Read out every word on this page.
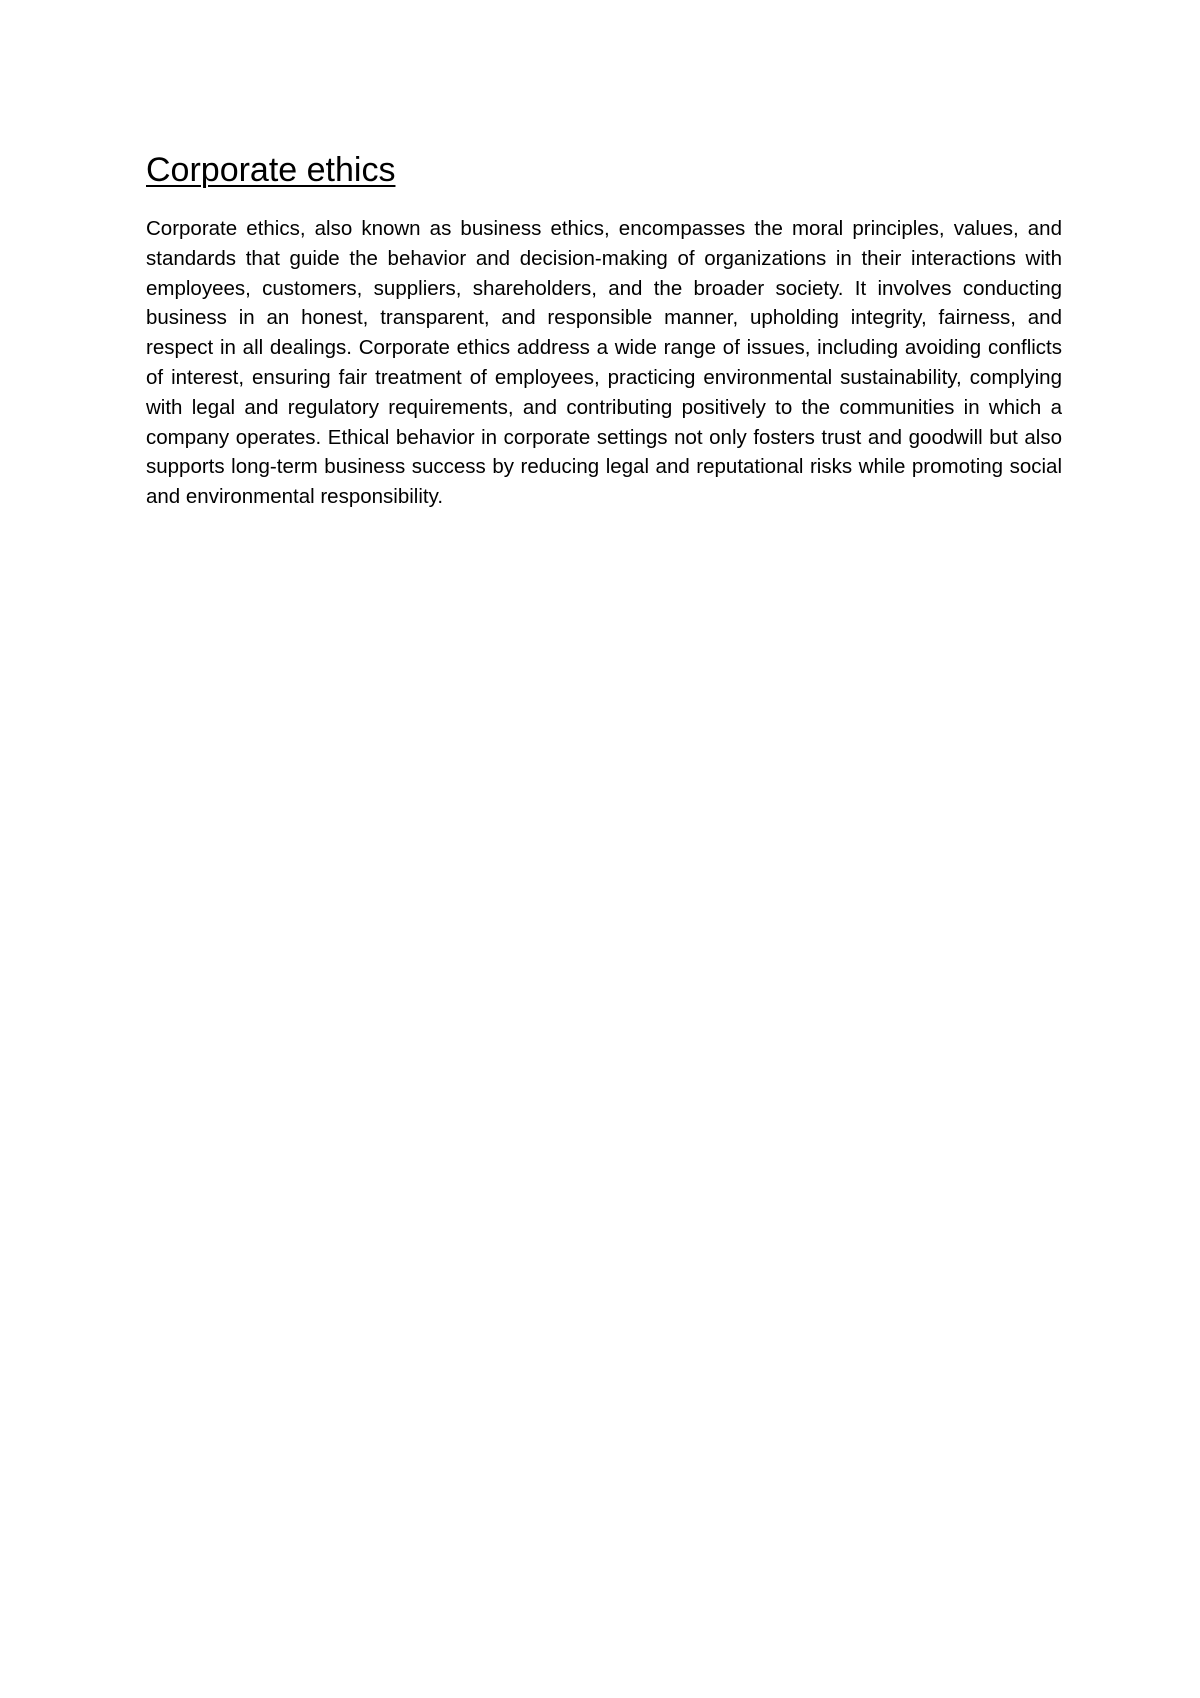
Corporate ethics

Corporate ethics, also known as business ethics, encompasses the moral principles, values, and standards that guide the behavior and decision-making of organizations in their interactions with employees, customers, suppliers, shareholders, and the broader society. It involves conducting business in an honest, transparent, and responsible manner, upholding integrity, fairness, and respect in all dealings. Corporate ethics address a wide range of issues, including avoiding conflicts of interest, ensuring fair treatment of employees, practicing environmental sustainability, complying with legal and regulatory requirements, and contributing positively to the communities in which a company operates. Ethical behavior in corporate settings not only fosters trust and goodwill but also supports long-term business success by reducing legal and reputational risks while promoting social and environmental responsibility.
